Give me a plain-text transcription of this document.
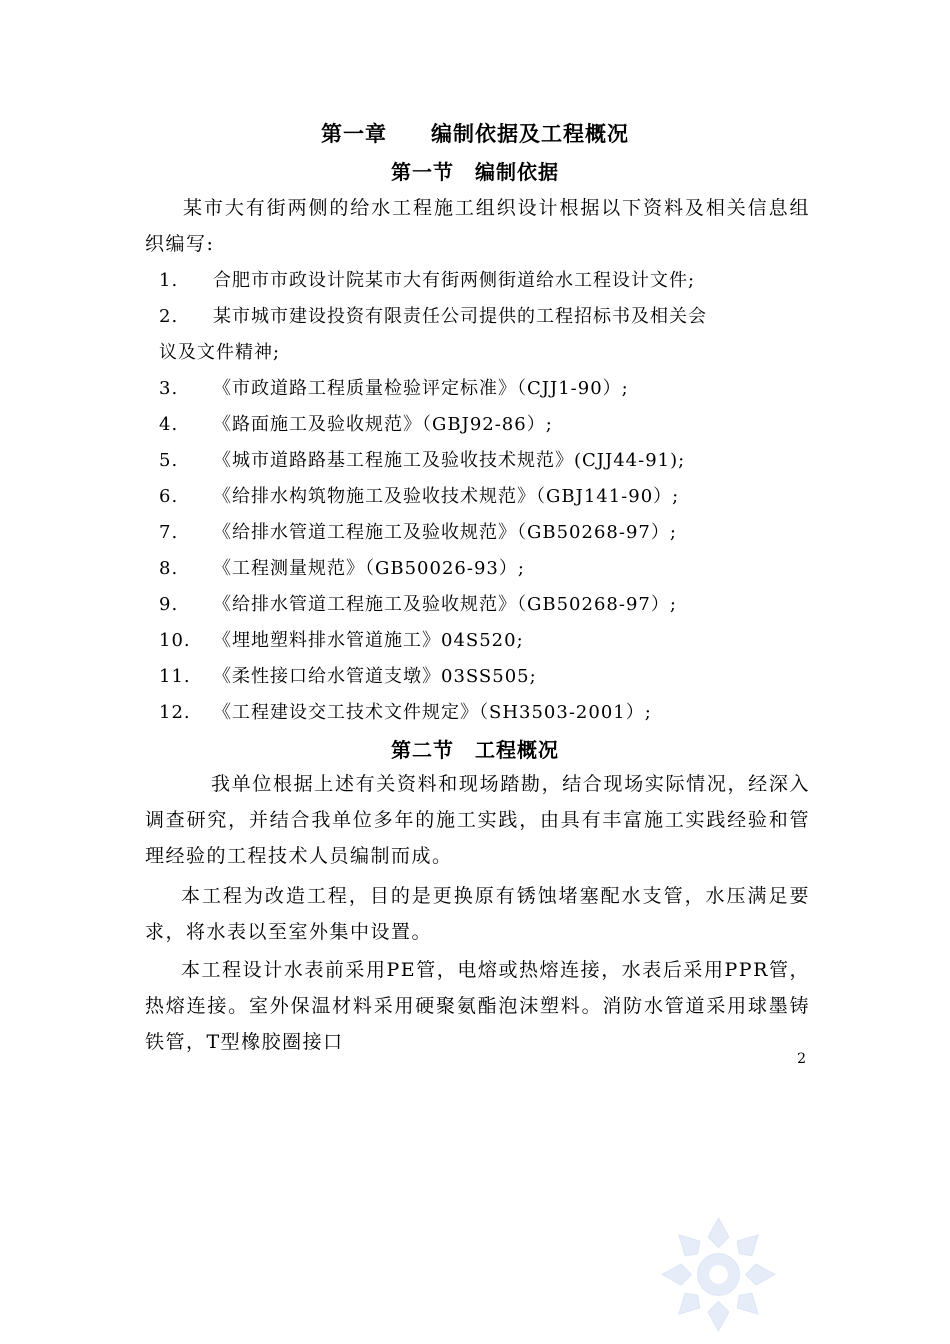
第一章　　编制依据及工程概况
第一节　编制依据
某市大有街两侧的给水工程施工组织设计根据以下资料及相关信息组织编写:
1.	合肥市市政设计院某市大有街两侧街道给水工程设计文件;
2.	某市城市建设投资有限责任公司提供的工程招标书及相关会
议及文件精神;
3.	《市政道路工程质量检验评定标准》（CJJ1-90）;
4.	《路面施工及验收规范》（GBJ92-86）;
5.	《城市道路路基工程施工及验收技术规范》(CJJ44-91);
6.	《给排水构筑物施工及验收技术规范》（GBJ141-90）;
7.	《给排水管道工程施工及验收规范》（GB50268-97）;
8.	《工程测量规范》（GB50026-93）;
9.	《给排水管道工程施工及验收规范》（GB50268-97）;
10.	《埋地塑料排水管道施工》04S520;
11.	《柔性接口给水管道支墩》03SS505;
12.	《工程建设交工技术文件规定》（SH3503-2001）;
第二节　工程概况
我单位根据上述有关资料和现场踏勘，结合现场实际情况，经深入调查研究，并结合我单位多年的施工实践，由具有丰富施工实践经验和管理经验的工程技术人员编制而成。
本工程为改造工程，目的是更换原有锈蚀堵塞配水支管，水压满足要求，将水表以至室外集中设置。
本工程设计水表前采用PE管，电熔或热熔连接，水表后采用PPR管，热熔连接。室外保温材料采用硬聚氨酯泡沫塑料。消防水管道采用球墨铸铁管，T型橡胶圈接口
2
